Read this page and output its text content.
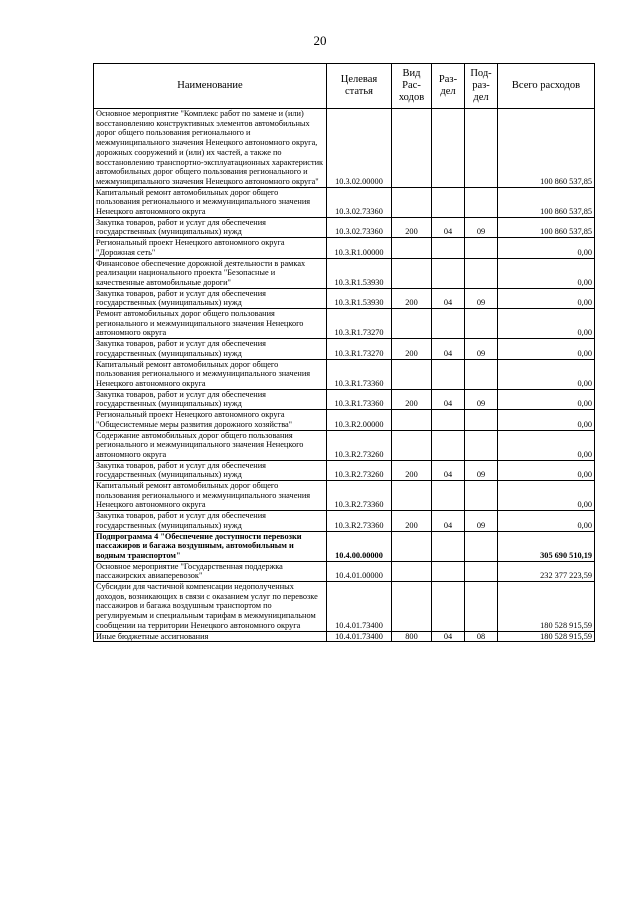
20
Наименование	Целевая статья	Вид Рас- ходов	Раз- дел	Под- раз- дел	Всего расходов
Основное мероприятие "Комплекс работ по замене и (или) восстановлению конструктивных элементов автомобильных дорог общего пользования регионального и межмуниципального значения Ненецкого автономного округа, дорожных сооружений и (или) их частей, а также по восстановлению транспортно-эксплуатационных характеристик автомобильных дорог общего пользования регионального и межмуниципального значения Ненецкого автономного округа"	10.3.02.00000				100 860 537,85
Капитальный ремонт автомобильных дорог общего пользования регионального и межмуниципального значения Ненецкого автономного округа	10.3.02.73360				100 860 537,85
Закупка товаров, работ и услуг для обеспечения государственных (муниципальных) нужд	10.3.02.73360	200	04	09	100 860 537,85
Региональный проект Ненецкого автономного округа "Дорожная сеть"	10.3.R1.00000				0,00
Финансовое обеспечение дорожной деятельности в рамках реализации национального проекта "Безопасные и качественные автомобильные дороги"	10.3.R1.53930				0,00
Закупка товаров, работ и услуг для обеспечения государственных (муниципальных) нужд	10.3.R1.53930	200	04	09	0,00
Ремонт автомобильных дорог общего пользования регионального и межмуниципального значения Ненецкого автономного округа	10.3.R1.73270				0,00
Закупка товаров, работ и услуг для обеспечения государственных (муниципальных) нужд	10.3.R1.73270	200	04	09	0,00
Капитальный ремонт автомобильных дорог общего пользования регионального и межмуниципального значения Ненецкого автономного округа	10.3.R1.73360				0,00
Закупка товаров, работ и услуг для обеспечения государственных (муниципальных) нужд	10.3.R1.73360	200	04	09	0,00
Региональный проект Ненецкого автономного округа "Общесистемные меры развития дорожного хозяйства"	10.3.R2.00000				0,00
Содержание автомобильных дорог общего пользования регионального и межмуниципального значения Ненецкого автономного округа	10.3.R2.73260				0,00
Закупка товаров, работ и услуг для обеспечения государственных (муниципальных) нужд	10.3.R2.73260	200	04	09	0,00
Капитальный ремонт автомобильных дорог общего пользования регионального и межмуниципального значения Ненецкого автономного округа	10.3.R2.73360				0,00
Закупка товаров, работ и услуг для обеспечения государственных (муниципальных) нужд	10.3.R2.73360	200	04	09	0,00
Подпрограмма 4 "Обеспечение доступности перевозки пассажиров и багажа воздушным, автомобильным и водным транспортом"	10.4.00.00000				305 690 510,19
Основное мероприятие "Государственная поддержка пассажирских авиаперевозок"	10.4.01.00000				232 377 223,59
Субсидии для частичной компенсации недополученных доходов, возникающих в связи с оказанием услуг по перевозке пассажиров и багажа воздушным транспортом по регулируемым и специальным тарифам в межмуниципальном сообщении на территории Ненецкого автономного округа	10.4.01.73400				180 528 915,59
Иные бюджетные ассигнования	10.4.01.73400	800	04	08	180 528 915,59
